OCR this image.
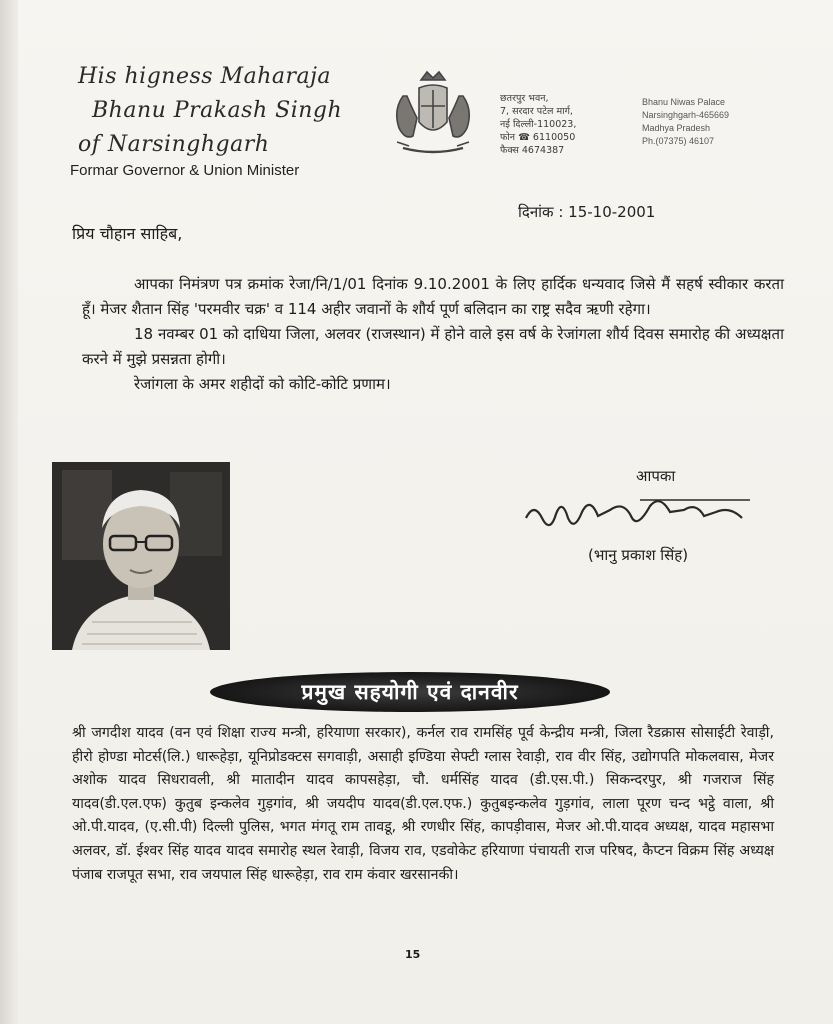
His higness Maharaja
Bhanu Prakash Singh
of Narsinghgarh
Formar Governor & Union Minister
छतरपुर भवन,
7, सरदार पटेल मार्ग,
नई दिल्ली-110023,
फोन ☎ 6110050
फैक्स 4674387
Bhanu Niwas Palace
Narsinghgarh-465669
Madhya Pradesh
Ph.(07375) 46107
दिनांक : 15-10-2001
प्रिय चौहान साहिब,

आपका निमंत्रण पत्र क्रमांक रेजा/नि/1/01 दिनांक 9.10.2001 के लिए हार्दिक धन्यवाद जिसे मैं सहर्ष स्वीकार करता हूँ। मेजर शैतान सिंह 'परमवीर चक्र' व 114 अहीर जवानों के शौर्य पूर्ण बलिदान का राष्ट्र सदैव ऋणी रहेगा।

18 नवम्बर 01 को दाधिया जिला, अलवर (राजस्थान) में होने वाले इस वर्ष के रेजांगला शौर्य दिवस समारोह की अध्यक्षता करने में मुझे प्रसन्नता होगी।

रेजांगला के अमर शहीदों को कोटि-कोटि प्रणाम।

आपका
(भानु प्रकाश सिंह)
प्रमुख सहयोगी एवं दानवीर
श्री जगदीश यादव (वन एवं शिक्षा राज्य मन्त्री, हरियाणा सरकार), कर्नल राव रामसिंह पूर्व केन्द्रीय मन्त्री, जिला रैडक्रास सोसाईटी रेवाड़ी, हीरो होण्डा मोटर्स(लि.) धारूहेड़ा, यूनिप्रोडक्टस सगवाड़ी, असाही इण्डिया सेफ्टी ग्लास रेवाड़ी, राव वीर सिंह, उद्योगपति मोकलवास, मेजर अशोक यादव सिधरावली, श्री मातादीन यादव कापसहेड़ा, चौ. धर्मसिंह यादव (डी.एस.पी.) सिकन्दरपुर, श्री गजराज सिंह यादव(डी.एल.एफ) कुतुब इन्कलेव गुड़गांव, श्री जयदीप यादव(डी.एल.एफ.) कुतुबइन्कलेव गुड़गांव, लाला पूरण चन्द भट्ठे वाला, श्री ओ.पी.यादव, (ए.सी.पी) दिल्ली पुलिस, भगत मंगतू राम तावडू, श्री रणधीर सिंह, कापड़ीवास, मेजर ओ.पी.यादव अध्यक्ष, यादव महासभा अलवर, डॉ. ईश्वर सिंह यादव यादव समारोह स्थल रेवाड़ी, विजय राव, एडवोकेट हरियाणा पंचायती राज परिषद, कैप्टन विक्रम सिंह अध्यक्ष पंजाब राजपूत सभा, राव जयपाल सिंह धारूहेड़ा, राव राम कंवार खरसानकी।
15
